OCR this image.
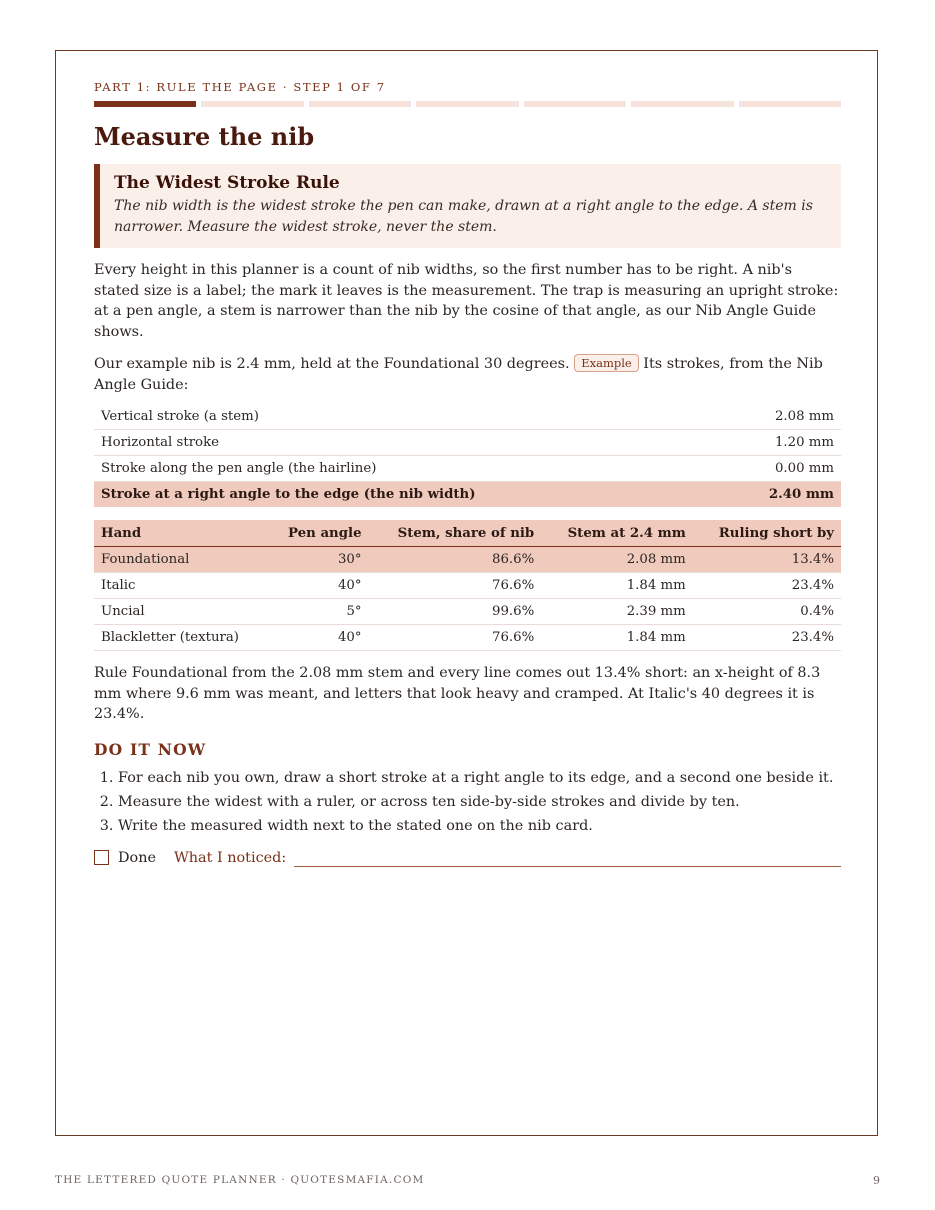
PART 1: RULE THE PAGE · STEP 1 OF 7
Measure the nib
The Widest Stroke Rule
The nib width is the widest stroke the pen can make, drawn at a right angle to the edge. A stem is narrower. Measure the widest stroke, never the stem.

Every height in this planner is a count of nib widths, so the first number has to be right. A nib's stated size is a label; the mark it leaves is the measurement. The trap is measuring an upright stroke: at a pen angle, a stem is narrower than the nib by the cosine of that angle, as our Nib Angle Guide shows.

Our example nib is 2.4 mm, held at the Foundational 30 degrees. Example Its strokes, from the Nib Angle Guide:

Vertical stroke (a stem)	2.08 mm
Horizontal stroke	1.20 mm
Stroke along the pen angle (the hairline)	0.00 mm
Stroke at a right angle to the edge (the nib width)	2.40 mm
Hand	Pen angle	Stem, share of nib	Stem at 2.4 mm	Ruling short by
Foundational	30°	86.6%	2.08 mm	13.4%
Italic	40°	76.6%	1.84 mm	23.4%
Uncial	5°	99.6%	2.39 mm	0.4%
Blackletter (textura)	40°	76.6%	1.84 mm	23.4%

Rule Foundational from the 2.08 mm stem and every line comes out 13.4% short: an x-height of 8.3 mm where 9.6 mm was meant, and letters that look heavy and cramped. At Italic's 40 degrees it is 23.4%.

DO IT NOW
1. For each nib you own, draw a short stroke at a right angle to its edge, and a second one beside it.
2. Measure the widest with a ruler, or across ten side-by-side strokes and divide by ten.
3. Write the measured width next to the stated one on the nib card.
Done What I noticed:
THE LETTERED QUOTE PLANNER · QUOTESMAFIA.COM	9
